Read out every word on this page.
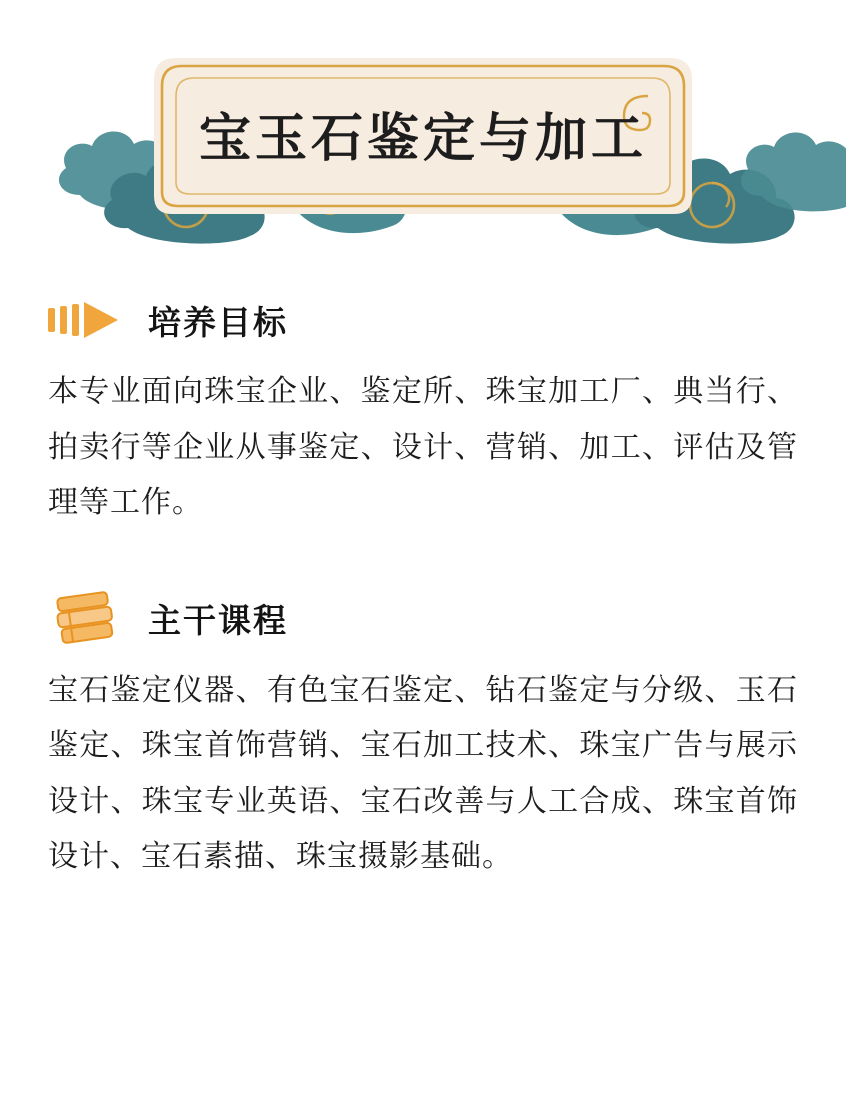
宝玉石鉴定与加工
培养目标
本专业面向珠宝企业、鉴定所、珠宝加工厂、典当行、拍卖行等企业从事鉴定、设计、营销、加工、评估及管理等工作。
主干课程
宝石鉴定仪器、有色宝石鉴定、钻石鉴定与分级、玉石鉴定、珠宝首饰营销、宝石加工技术、珠宝广告与展示设计、珠宝专业英语、宝石改善与人工合成、珠宝首饰设计、宝石素描、珠宝摄影基础。
